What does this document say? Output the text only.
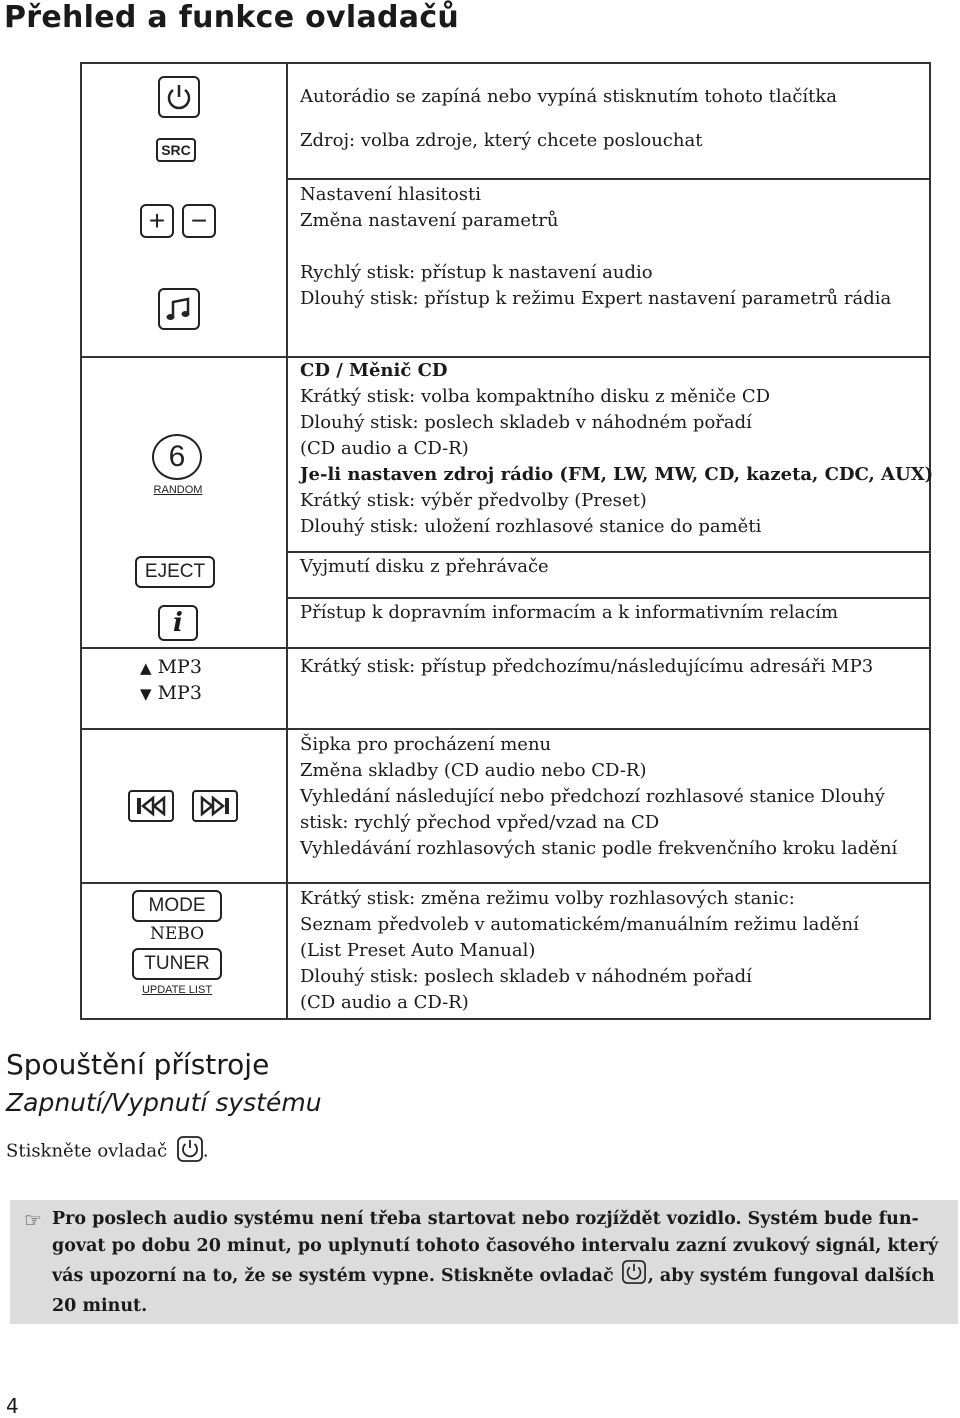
Přehled a funkce ovladačů
SRC
+ −
6
RANDOM
EJECT
i
▲ MP3
▼ MP3
MODE
NEBO
TUNER
UPDATE LIST
Autorádio se zapíná nebo vypíná stisknutím tohoto tlačítka
Zdroj: volba zdroje, který chcete poslouchat
Nastavení hlasitosti
Změna nastavení parametrů
Rychlý stisk: přístup k nastavení audio
Dlouhý stisk: přístup k režimu Expert nastavení parametrů rádia
CD / Měnič CD
Krátký stisk: volba kompaktního disku z měniče CD
Dlouhý stisk: poslech skladeb v náhodném pořadí
(CD audio a CD-R)
Je-li nastaven zdroj rádio (FM, LW, MW, CD, kazeta, CDC, AUX)
Krátký stisk: výběr předvolby (Preset)
Dlouhý stisk: uložení rozhlasové stanice do paměti
Vyjmutí disku z přehrávače
Přístup k dopravním informacím a k informativním relacím
Krátký stisk: přístup předchozímu/následujícímu adresáři MP3
Šipka pro procházení menu
Změna skladby (CD audio nebo CD-R)
Vyhledání následující nebo předchozí rozhlasové stanice Dlouhý
stisk: rychlý přechod vpřed/vzad na CD
Vyhledávání rozhlasových stanic podle frekvenčního kroku ladění
Krátký stisk: změna režimu volby rozhlasových stanic:
Seznam předvoleb v automatickém/manuálním režimu ladění
(List Preset Auto Manual)
Dlouhý stisk: poslech skladeb v náhodném pořadí
(CD audio a CD-R)
Spouštění přístroje
Zapnutí/Vypnutí systému
Stiskněte ovladač .
☞ Pro poslech audio systému není třeba startovat nebo rozjíždět vozidlo. Systém bude fun-
govat po dobu 20 minut, po uplynutí tohoto časového intervalu zazní zvukový signál, který
vás upozorní na to, že se systém vypne. Stiskněte ovladač , aby systém fungoval dalších
20 minut.
4
